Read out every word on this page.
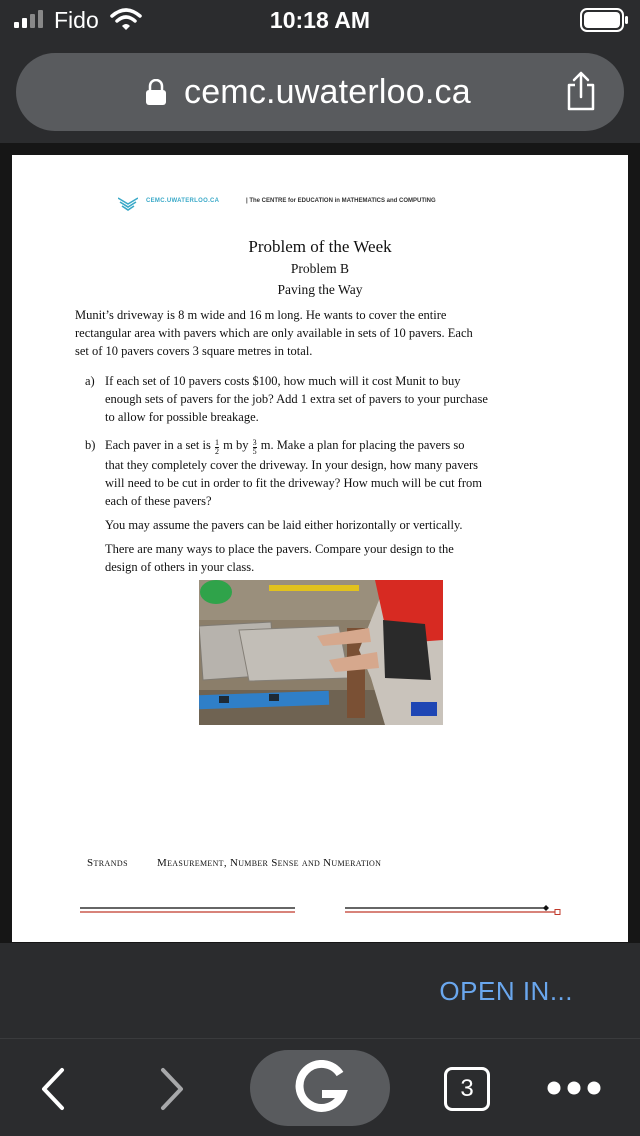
Fido	10:18 AM
cemc.uwaterloo.ca
CEMC.UWATERLOO.CA	| The CENTRE for EDUCATION in MATHEMATICS and COMPUTING
Problem of the Week
Problem B
Paving the Way
Munit’s driveway is 8 m wide and 16 m long. He wants to cover the entire
rectangular area with pavers which are only available in sets of 10 pavers. Each
set of 10 pavers covers 3 square metres in total.
a) If each set of 10 pavers costs $100, how much will it cost Munit to buy
enough sets of pavers for the job? Add 1 extra set of pavers to your purchase
to allow for possible breakage.
b) Each paver in a set is $\frac{1}{2}$ m by $\frac{3}{5} m$. Make a plan for placing the pavers so
that they completely cover the driveway. In your design, how many pavers
will need to be cut in order to fit the driveway? How much will be cut from
each of these pavers?
You may assume the pavers can be laid either horizontally or vertically.
There are many ways to place the pavers. Compare your design to the
design of others in your class.
Strands	Measurement, Number Sense and Numeration
OPEN IN...
3
